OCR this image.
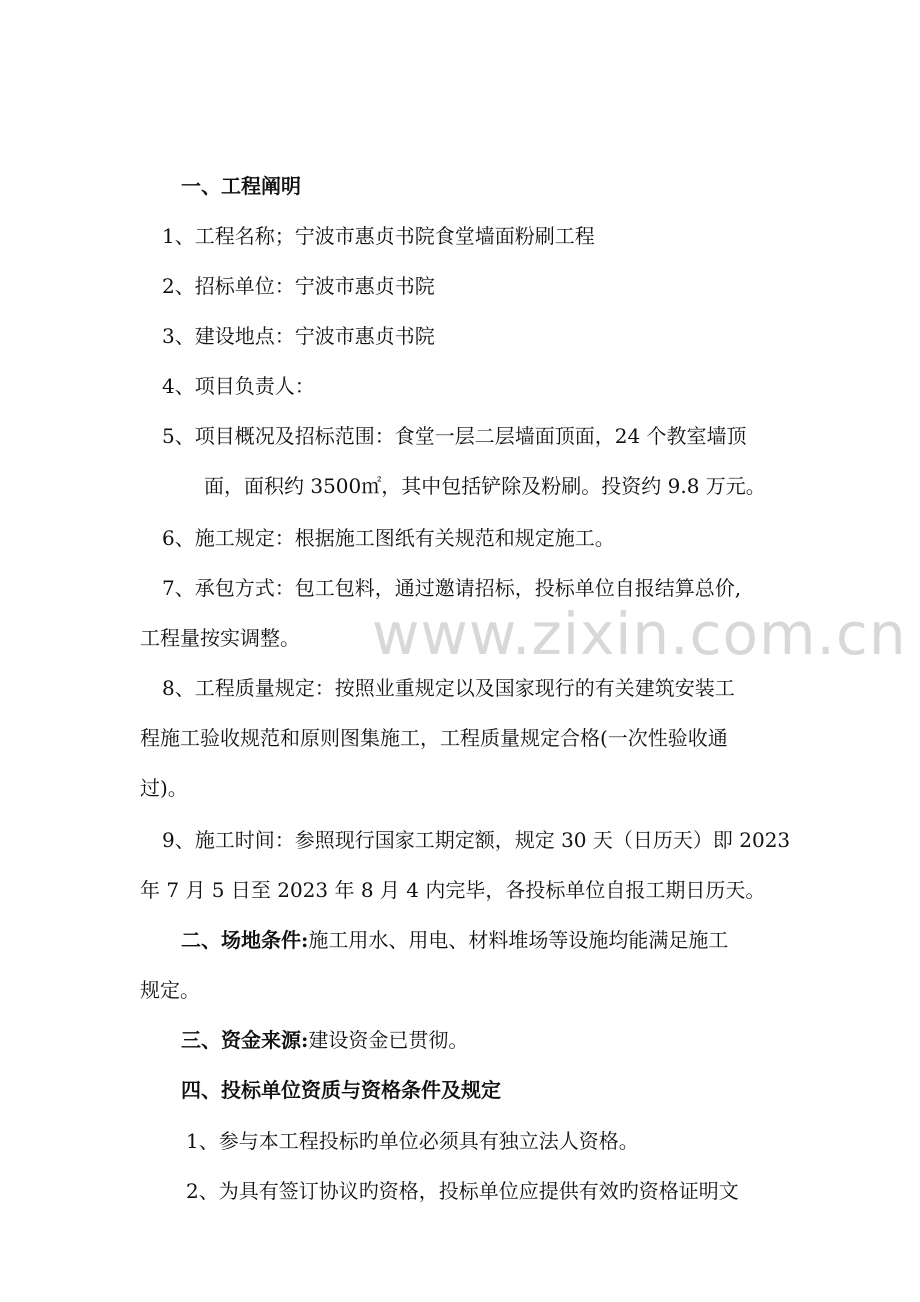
www.zixin.com.cn
一、工程阐明
1、工程名称；宁波市惠贞书院食堂墙面粉刷工程
2、招标单位：宁波市惠贞书院
3、建设地点：宁波市惠贞书院
4、项目负责人：
5、项目概况及招标范围：食堂一层二层墙面顶面，24 个教室墙顶
面，面积约 3500㎡，其中包括铲除及粉刷。投资约 9.8 万元。
6、施工规定：根据施工图纸有关规范和规定施工。
7、承包方式：包工包料，通过邀请招标，投标单位自报结算总价,
工程量按实调整。
8、工程质量规定：按照业重规定以及国家现行的有关建筑安装工
程施工验收规范和原则图集施工，工程质量规定合格(一次性验收通
过)。
9、施工时间：参照现行国家工期定额，规定 30 天（日历天）即 2023
年 7 月 5 日至 2023 年 8 月 4 内完毕，各投标单位自报工期日历天。
二、场地条件:施工用水、用电、材料堆场等设施均能满足施工
规定。
三、资金来源:建设资金已贯彻。
四、投标单位资质与资格条件及规定
1、参与本工程投标旳单位必须具有独立法人资格。
2、为具有签订协议旳资格，投标单位应提供有效旳资格证明文
